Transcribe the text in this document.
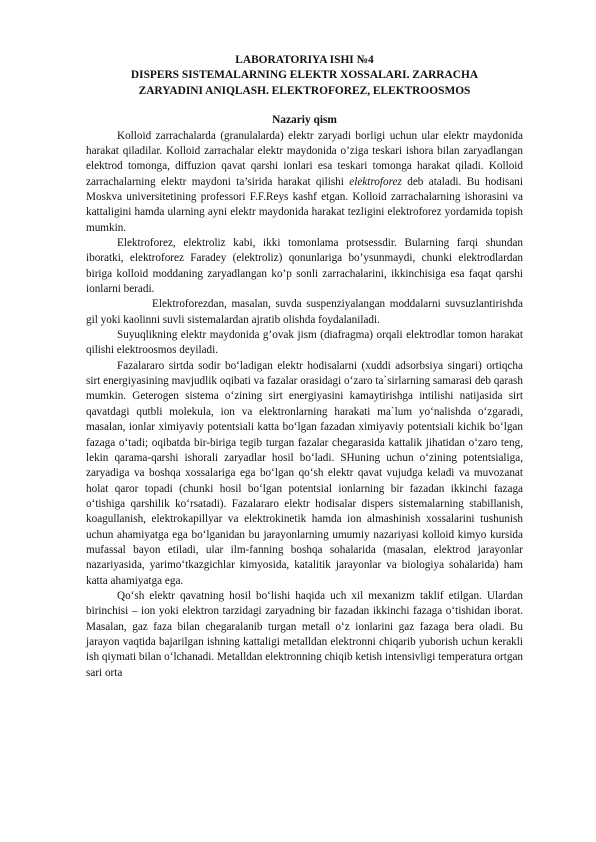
LABORATORIYA ISHI №4

DISPERS SISTEMALARNING ELEKTR XOSSALARI. ZARRACHA

ZARYADINI ANIQLASH. ELEKTROFOREZ, ELEKTROOSMOS

Nazariy qism

Kolloid zarrachalarda (granulalarda) elektr zaryadi borligi uchun ular elektr maydonida harakat qiladilar. Kolloid zarrachalar elektr maydonida o’ziga teskari ishora bilan zaryadlangan elektrod tomonga, diffuzion qavat qarshi ionlari esa teskari tomonga harakat qiladi. Kolloid zarrachalarning elektr maydoni ta’sirida harakat qilishi elektroforez deb ataladi. Bu hodisani Moskva universitetining professori F.F.Reys kashf etgan. Kolloid zarrachalarning ishorasini va kattaligini hamda ularning ayni elektr maydonida harakat tezligini elektroforez yordamida topish mumkin.

Elektroforez, elektroliz kabi, ikki tomonlama protsessdir. Bularning farqi shundan iboratki, elektroforez Faradey (elektroliz) qonunlariga bo’ysunmaydi, chunki elektrodlardan biriga kolloid moddaning zaryadlangan ko’p sonli zarrachalarini, ikkinchisiga esa faqat qarshi ionlarni beradi.

Elektroforezdan, masalan, suvda suspenziyalangan moddalarni suvsuzlantirishda gil yoki kaolinni suvli sistemalardan ajratib olishda foydalaniladi.

Suyuqlikning elektr maydonida g’ovak jism (diafragma) orqali elektrodlar tomon harakat qilishi elektroosmos deyiladi.

Fazalararo sirtda sodir bo‘ladigan elektr hodisalarni (xuddi adsorbsiya singari) ortiqcha sirt energiyasining mavjudlik oqibati va fazalar orasidagi o‘zaro ta`sirlarning samarasi deb qarash mumkin. Geterogen sistema o‘zining sirt energiyasini kamaytirishga intilishi natijasida sirt qavatdagi qutbli molekula, ion va elektronlarning harakati ma`lum yo‘nalishda o‘zgaradi, masalan, ionlar ximiyaviy potentsiali katta bo‘lgan fazadan ximiyaviy potentsiali kichik bo‘lgan fazaga o‘tadi; oqibatda bir-biriga tegib turgan fazalar chegarasida kattalik jihatidan o‘zaro teng, lekin qarama-qarshi ishorali zaryadlar hosil bo‘ladi. SHuning uchun o‘zining potentsialiga, zaryadiga va boshqa xossalariga ega bo‘lgan qo‘sh elektr qavat vujudga keladi va muvozanat holat qaror topadi (chunki hosil bo‘lgan potentsial ionlarning bir fazadan ikkinchi fazaga o‘tishiga qarshilik ko‘rsatadi). Fazalararo elektr hodisalar dispers sistemalarning stabillanish, koagullanish, elektrokapillyar va elektrokinetik hamda ion almashinish xossalarini tushunish uchun ahamiyatga ega bo‘lganidan bu jarayonlarning umumiy nazariyasi kolloid kimyo kursida mufassal bayon etiladi, ular ilm-fanning boshqa sohalarida (masalan, elektrod jarayonlar nazariyasida, yarimo‘tkazgichlar kimyosida, katalitik jarayonlar va biologiya sohalarida) ham katta ahamiyatga ega.

Qo‘sh elektr qavatning hosil bo‘lishi haqida uch xil mexanizm taklif etilgan. Ulardan birinchisi – ion yoki elektron tarzidagi zaryadning bir fazadan ikkinchi fazaga o‘tishidan iborat. Masalan, gaz faza bilan chegaralanib turgan metall o‘z ionlarini gaz fazaga bera oladi. Bu jarayon vaqtida bajarilgan ishning kattaligi metalldan elektronni chiqarib yuborish uchun kerakli ish qiymati bilan o‘lchanadi. Metalldan elektronning chiqib ketish intensivligi temperatura ortgan sari orta
